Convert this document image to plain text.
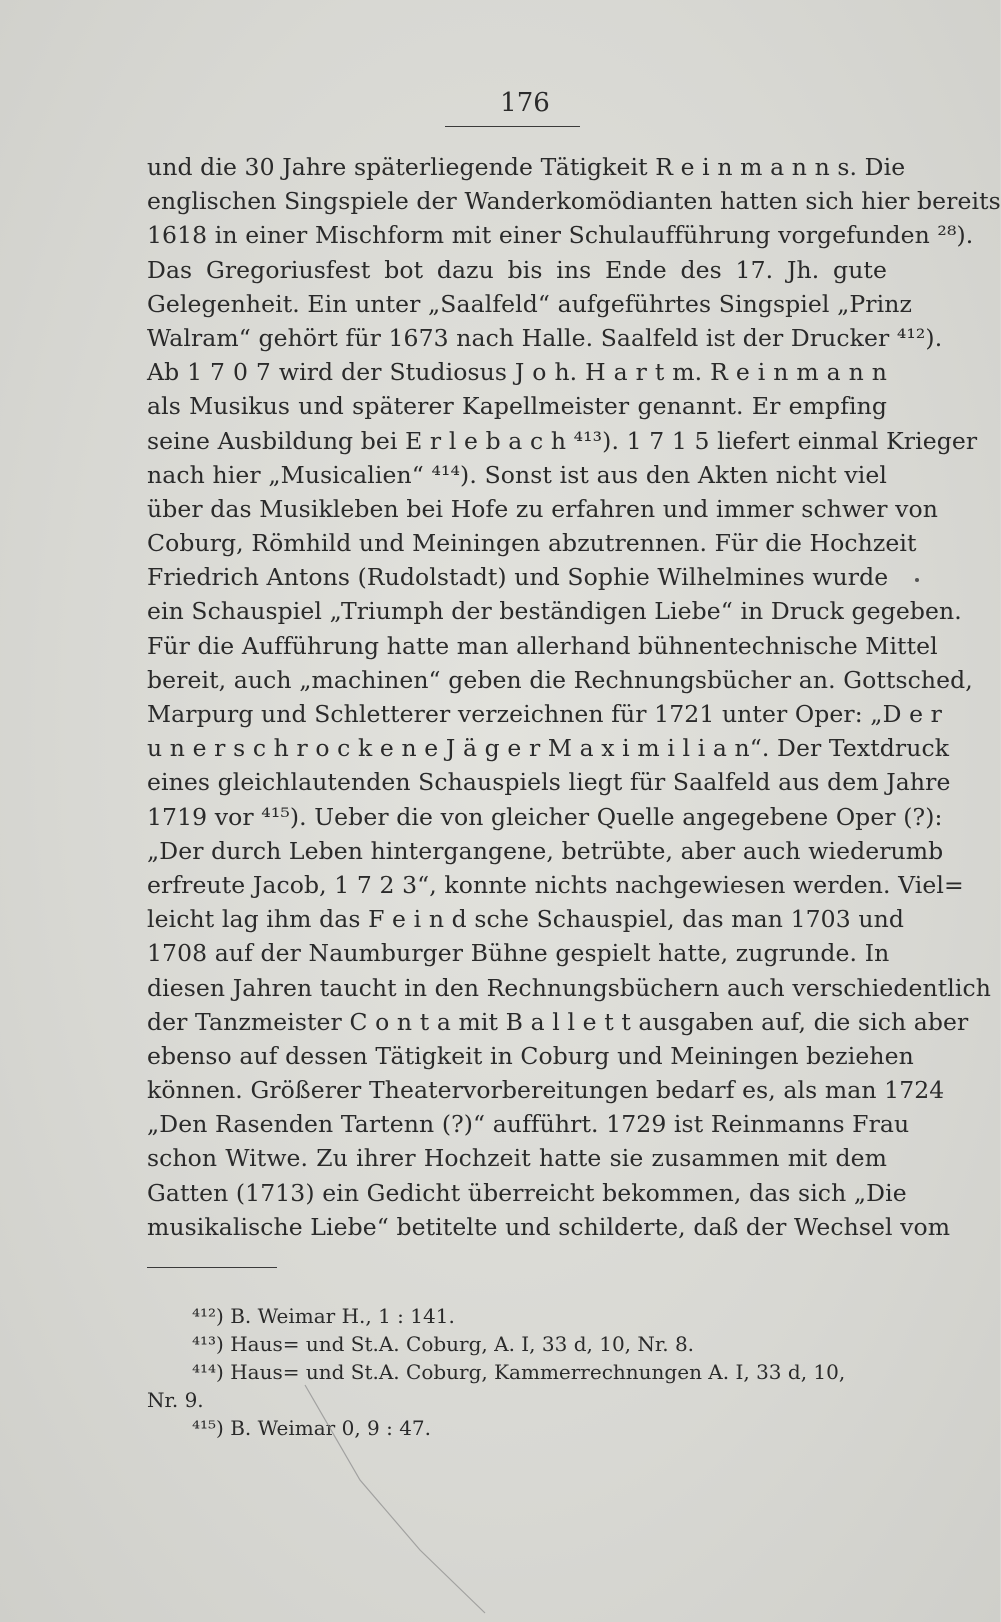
176
und die 30 Jahre späterliegende Tätigkeit R e i n m a n n s. Die
englischen Singspiele der Wanderkomödianten hatten sich hier bereits
1618 in einer Mischform mit einer Schulaufführung vorgefunden ²⁸).
Das Gregoriusfest bot dazu bis ins Ende des 17. Jh. gute
Gelegenheit. Ein unter „Saalfeld“ aufgeführtes Singspiel „Prinz
Walram“ gehört für 1673 nach Halle. Saalfeld ist der Drucker ⁴¹²).
Ab 1 7 0 7 wird der Studiosus J o h. H a r t m. R e i n m a n n
als Musikus und späterer Kapellmeister genannt. Er empfing
seine Ausbildung bei E r l e b a c h ⁴¹³). 1 7 1 5 liefert einmal Krieger
nach hier „Musicalien“ ⁴¹⁴). Sonst ist aus den Akten nicht viel
über das Musikleben bei Hofe zu erfahren und immer schwer von
Coburg, Römhild und Meiningen abzutrennen. Für die Hochzeit
Friedrich Antons (Rudolstadt) und Sophie Wilhelmines wurde
ein Schauspiel „Triumph der beständigen Liebe“ in Druck gegeben.
Für die Aufführung hatte man allerhand bühnentechnische Mittel
bereit, auch „machinen“ geben die Rechnungsbücher an. Gottsched,
Marpurg und Schletterer verzeichnen für 1721 unter Oper: „D e r
u n e r s c h r o c k e n e J ä g e r M a x i m i l i a n“. Der Textdruck
eines gleichlautenden Schauspiels liegt für Saalfeld aus dem Jahre
1719 vor ⁴¹⁵). Ueber die von gleicher Quelle angegebene Oper (?):
„Der durch Leben hintergangene, betrübte, aber auch wiederumb
erfreute Jacob, 1 7 2 3“, konnte nichts nachgewiesen werden. Viel=
leicht lag ihm das F e i n d sche Schauspiel, das man 1703 und
1708 auf der Naumburger Bühne gespielt hatte, zugrunde. In
diesen Jahren taucht in den Rechnungsbüchern auch verschiedentlich
der Tanzmeister C o n t a mit B a l l e t t ausgaben auf, die sich aber
ebenso auf dessen Tätigkeit in Coburg und Meiningen beziehen
können. Größerer Theatervorbereitungen bedarf es, als man 1724
„Den Rasenden Tartenn (?)“ aufführt. 1729 ist Reinmanns Frau
schon Witwe. Zu ihrer Hochzeit hatte sie zusammen mit dem
Gatten (1713) ein Gedicht überreicht bekommen, das sich „Die
musikalische Liebe“ betitelte und schilderte, daß der Wechsel vom
⁴¹²) B. Weimar H., 1 : 141.
⁴¹³) Haus= und St.A. Coburg, A. I, 33 d, 10, Nr. 8.
⁴¹⁴) Haus= und St.A. Coburg, Kammerrechnungen A. I, 33 d, 10,
Nr. 9.
⁴¹⁵) B. Weimar 0, 9 : 47.
